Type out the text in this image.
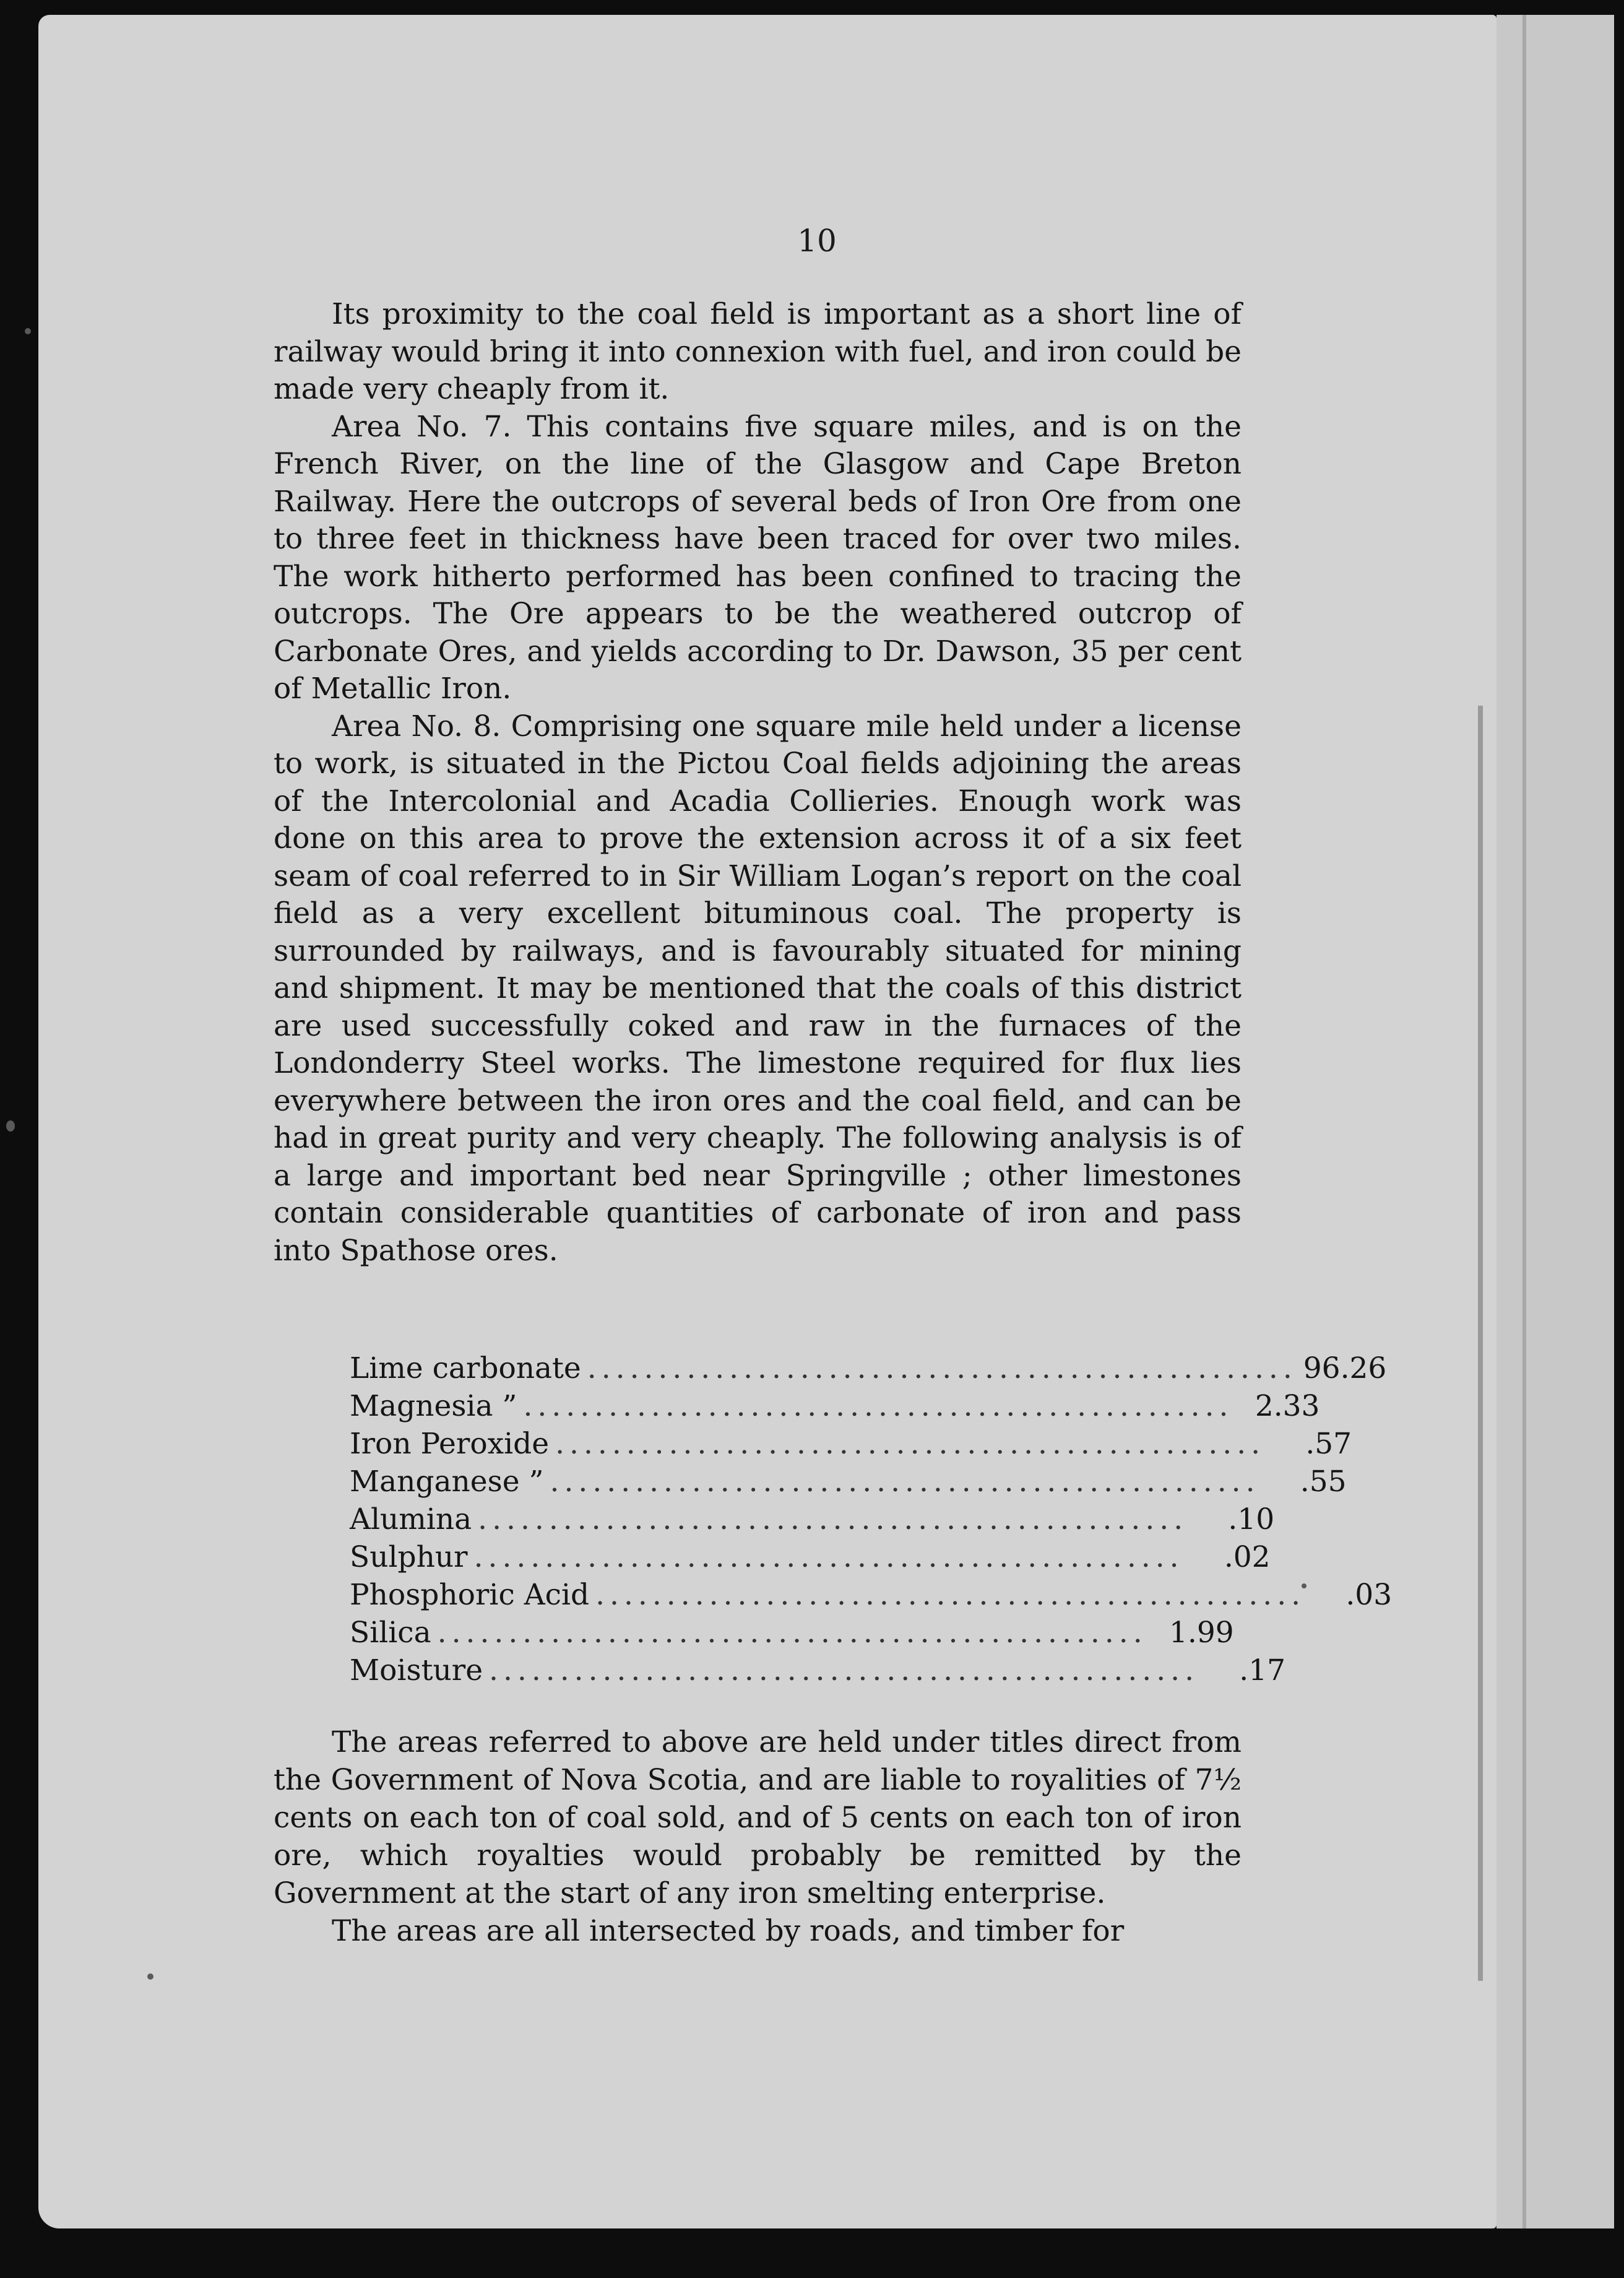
10

Its proximity to the coal field is important as a short line of railway would bring it into connexion with fuel, and iron could be made very cheaply from it.

Area No. 7. This contains five square miles, and is on the French River, on the line of the Glasgow and Cape Breton Railway. Here the outcrops of several beds of Iron Ore from one to three feet in thickness have been traced for over two miles. The work hitherto performed has been confined to tracing the outcrops. The Ore appears to be the weathered outcrop of Carbonate Ores, and yields according to Dr. Dawson, 35 per cent of Metallic Iron.

Area No. 8. Comprising one square mile held under a license to work, is situated in the Pictou Coal fields adjoining the areas of the Intercolonial and Acadia Collieries. Enough work was done on this area to prove the extension across it of a six feet seam of coal referred to in Sir William Logan’s report on the coal field as a very excellent bituminous coal. The property is surrounded by railways, and is favourably situated for mining and shipment. It may be mentioned that the coals of this district are used successfully coked and raw in the furnaces of the Londonderry Steel works. The limestone required for flux lies everywhere between the iron ores and the coal field, and can be had in great purity and very cheaply. The following analysis is of a large and important bed near Springville ; other limestones contain considerable quantities of carbonate of iron and pass into Spathose ores.

Lime carbonate .................................................. 96.26
Magnesia ” .................................................. 2.33
Iron Peroxide ..................................................	.57
Manganese ” ..................................................	.55
Alumina ..................................................	.10
Sulphur ..................................................	.02
Phosphoric Acid ..................................................	.03
Silica .................................................. 1.99
Moisture ..................................................	.17

The areas referred to above are held under titles direct from the Government of Nova Scotia, and are liable to royalities of 7½ cents on each ton of coal sold, and of 5 cents on each ton of iron ore, which royalties would probably be remitted by the Government at the start of any iron smelting enterprise.

The areas are all intersected by roads, and timber for
